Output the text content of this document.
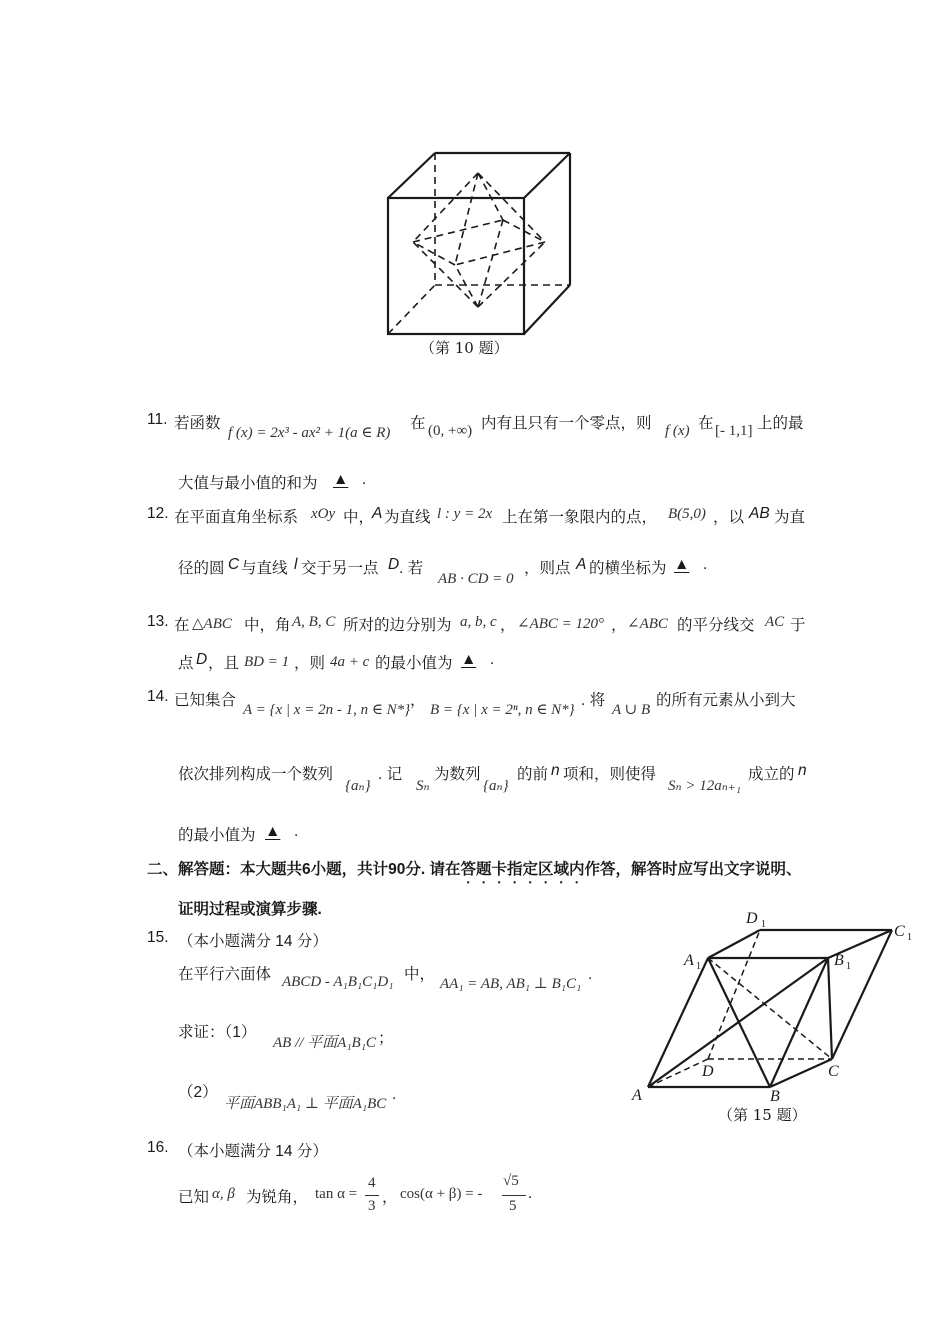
（第 10 题）
11. 若函数
f (x) = 2x³ - ax² + 1(a ∈ R)
在 (0, +∞) 内有且只有一个零点，则 f (x) 在 [- 1,1] 上的最
大值与最小值的和为 ▲ .
12. 在平面直角坐标系 xOy 中，
A 为直线 l : y = 2x 上在第一象限内的点， B(5,0) ，以 AB 为直
径的圆 C 与直线 l 交于另一点 D . 若
AB · CD = 0
，则点 A 的横坐标为 ▲ .
13. 在 △ABC 中，角 A, B, C 所对的边分别为 a, b, c ， ∠ABC = 120° ， ∠ABC 的平分线交 AC 于
点 D ，且 BD = 1 ，则 4a + c 的最小值为 ▲ .
14. 已知集合
A = {x | x = 2n - 1, n ∈ N*}
，
B = {x | x = 2ⁿ, n ∈ N*}
. 将
A ∪ B
的所有元素从小到大
依次排列构成一个数列
{aₙ}
. 记
Sₙ
为数列
{aₙ}
的前 n 项和，则使得
Sₙ > 12aₙ₊₁
成立的 n
的最小值为 ▲ .
二、解答题：本大题共6小题，共计90分. 请在答题卡指定区域内作答，解答时应写出文字说明、
证明过程或演算步骤.
15. （本小题满分 14 分）
在平行六面体 ABCD - A₁B₁C₁D₁ 中，
AA₁ = AB, AB₁ ⊥ B₁C₁
.
求证：（1）
AB // 平面A₁B₁C ；
（2）
平面ABB₁A₁ ⊥ 平面A₁BC
.
D 1	C 1
A 1	B 1
A	B
C
D
（第 15 题）
16. （本小题满分 14 分）
已知 α, β 为锐角， tan α =
4
3 ， cos(α + β) = -
√5
5
.
